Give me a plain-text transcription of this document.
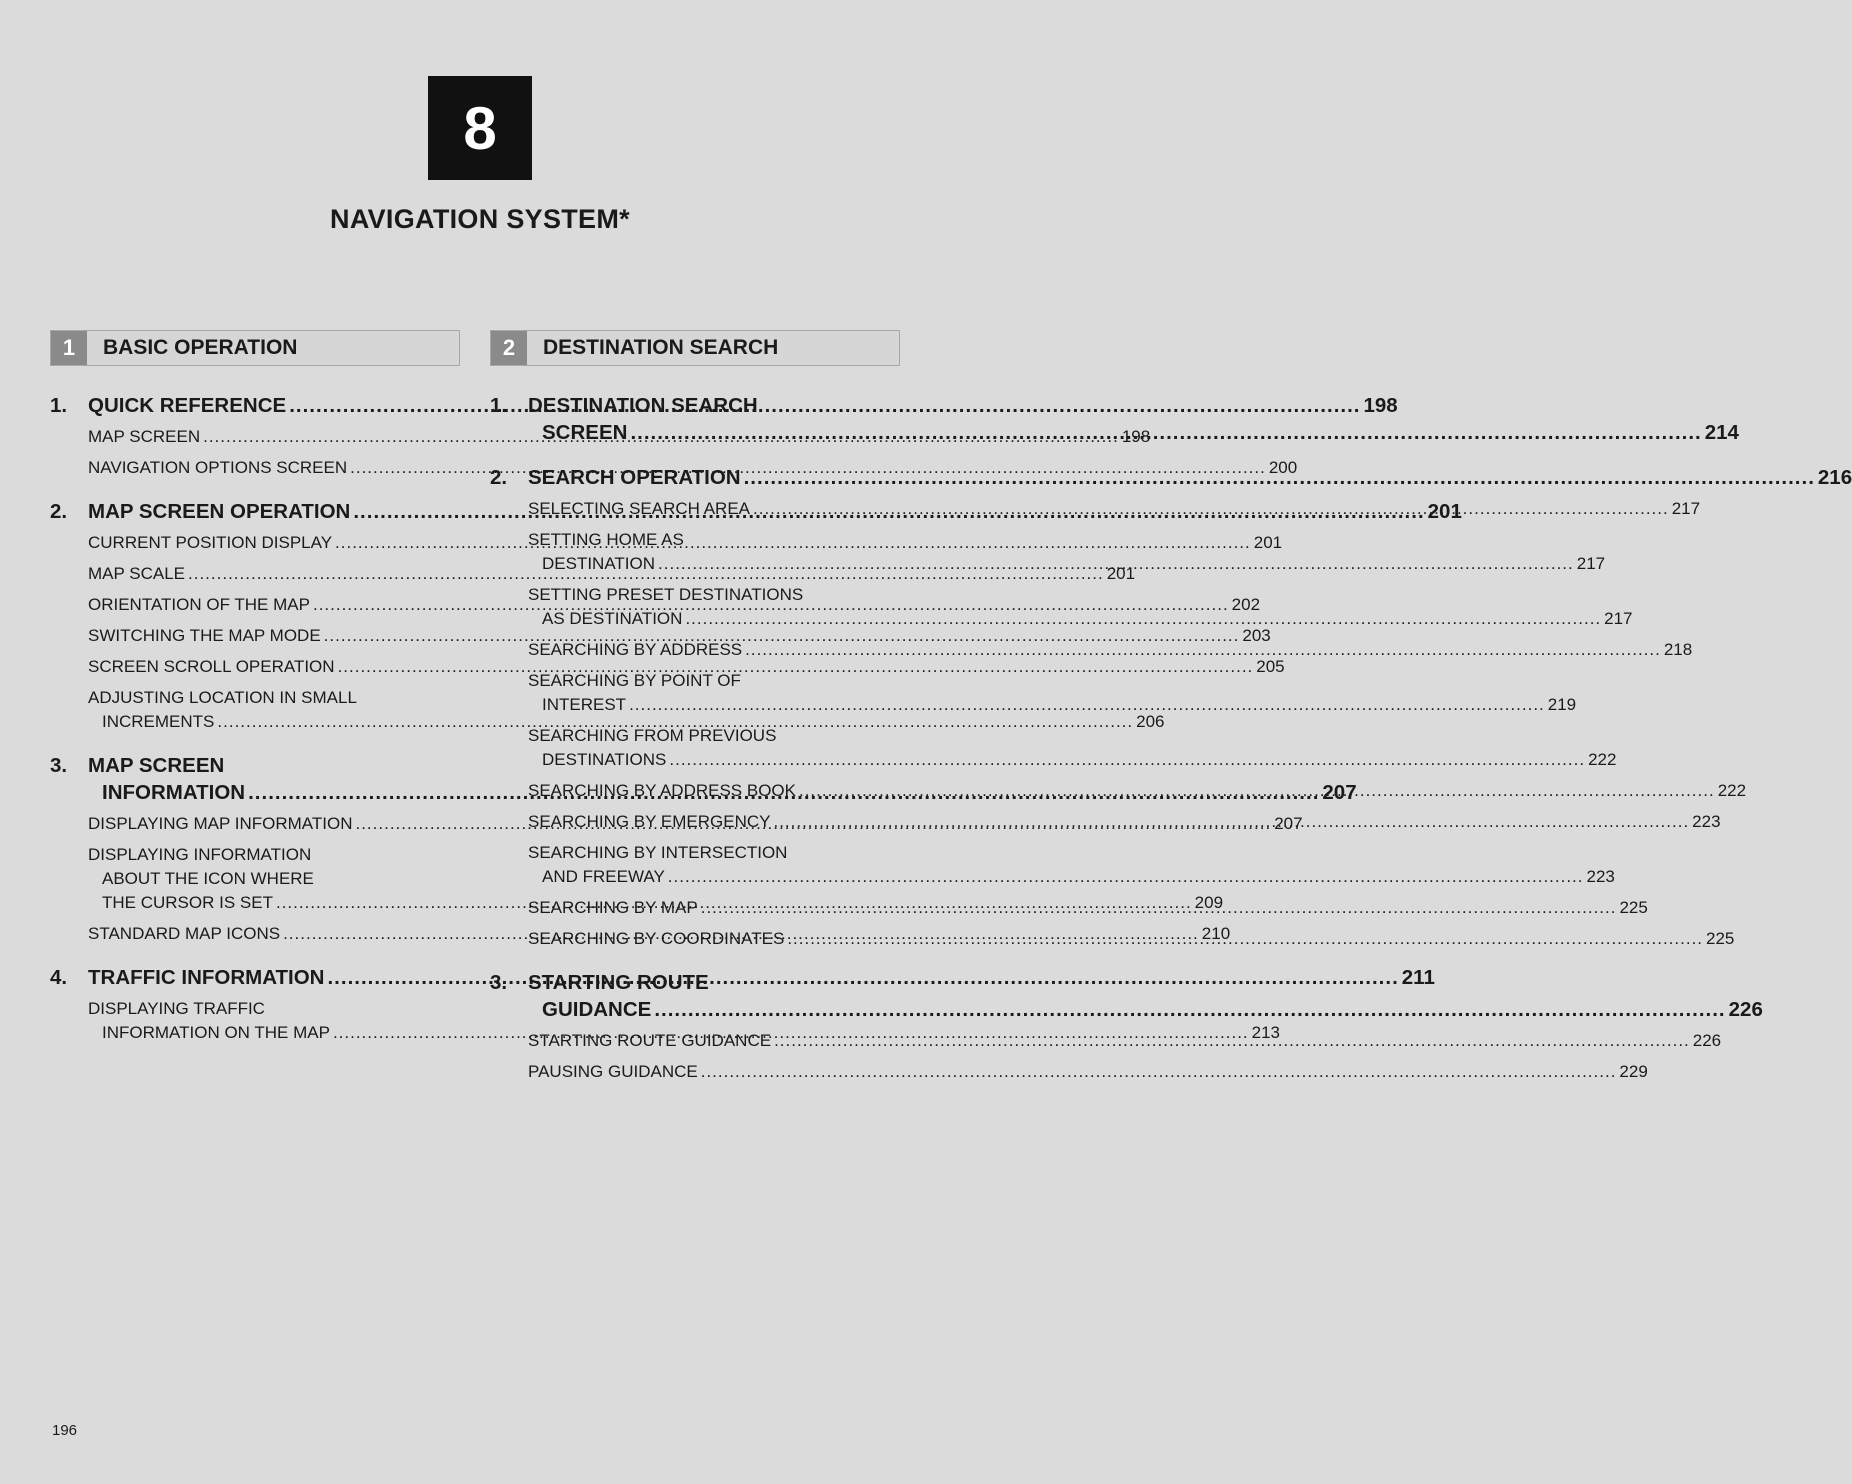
8
NAVIGATION SYSTEM*
1	BASIC OPERATION
1.	QUICK REFERENCE .....	198
MAP SCREEN .....	198
NAVIGATION OPTIONS SCREEN .....	200
2.	MAP SCREEN OPERATION .....	201
CURRENT POSITION DISPLAY .....	201
MAP SCALE .....	201
ORIENTATION OF THE MAP .....	202
SWITCHING THE MAP MODE .....	203
SCREEN SCROLL OPERATION .....	205
ADJUSTING LOCATION IN SMALL
INCREMENTS .....	206
3.	MAP SCREEN
INFORMATION .....	207
DISPLAYING MAP INFORMATION .....	207
DISPLAYING INFORMATION
ABOUT THE ICON WHERE
THE CURSOR IS SET .....	209
STANDARD MAP ICONS .....	210
4.	TRAFFIC INFORMATION .....	211
DISPLAYING TRAFFIC
INFORMATION ON THE MAP .....	213
2	DESTINATION SEARCH
1.	DESTINATION SEARCH
SCREEN .....	214
2.	SEARCH OPERATION .....	216
SELECTING SEARCH AREA .....	217
SETTING HOME AS
DESTINATION .....	217
SETTING PRESET DESTINATIONS
AS DESTINATION .....	217
SEARCHING BY ADDRESS .....	218
SEARCHING BY POINT OF
INTEREST .....	219
SEARCHING FROM PREVIOUS
DESTINATIONS .....	222
SEARCHING BY ADDRESS BOOK .....	222
SEARCHING BY EMERGENCY .....	223
SEARCHING BY INTERSECTION
AND FREEWAY .....	223
SEARCHING BY MAP .....	225
SEARCHING BY COORDINATES .....	225
3.	STARTING ROUTE
GUIDANCE .....	226
STARTING ROUTE GUIDANCE .....	226
PAUSING GUIDANCE .....	229
196
